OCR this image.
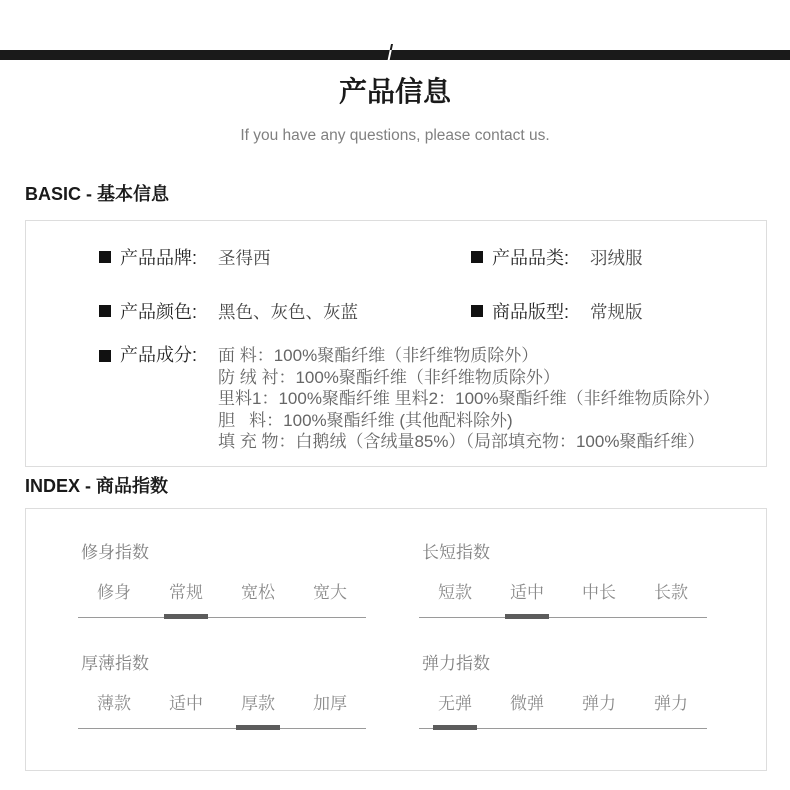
产品信息

If you have any questions, please contact us.

BASIC - 基本信息
产品品牌:	圣得西	产品品类:	羽绒服
产品颜色:	黑色、灰色、灰蓝	商品版型:	常规版
产品成分:	面 料：100%聚酯纤维（非纤维物质除外）
防 绒 衬：100%聚酯纤维（非纤维物质除外）
里料1：100%聚酯纤维 里料2：100%聚酯纤维（非纤维物质除外）
胆   料：100%聚酯纤维 (其他配料除外)
填 充 物：白鹅绒（含绒量85%）（局部填充物：100%聚酯纤维）
INDEX - 商品指数
修身指数
修身	常规	宽松	宽大
长短指数
短款	适中	中长	长款
厚薄指数
薄款	适中	厚款	加厚
弹力指数
无弹	微弹	弹力	弹力
